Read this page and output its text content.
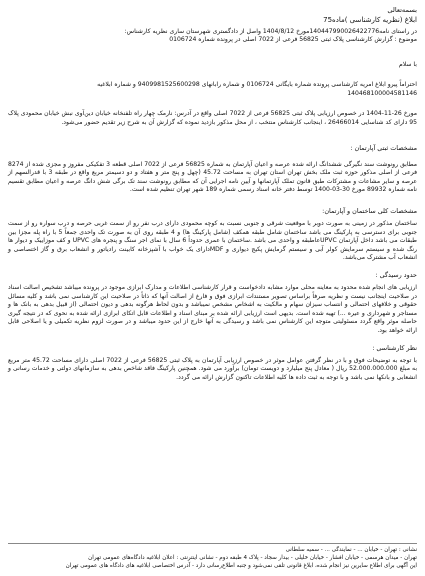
بسمه‌تعالی

ابلاغ (نظریه کارشناسی )ماده75

در راستای نامه140447990026422776مورخ 1404/8/12 واصل از دادگستری شهرستان ساری نظریه کارشناس:

موضوع : گزارش کارشناسی پلاک ثبتی 56825 فرعی از 7022 اصلی در پرونده شماره 0106724

با سلام

احتراماً پیرو ابلاغ امریه کارشناسی پرونده شماره بایگانی 0106724 و شماره رابانهای 9409981525600298 و شماره ابلاغیه

140468100004581146

مورخ 26-11-1404 در خصوص ارزیابی پلاک ثبتی 56825 فرعی از 7022 اصلی واقع در آدرس: نارمک چهار راه تلفنخانه خیابان دین‌آوی نبش خیابان محمودی پلاک 95 دارای کد شناسایی 26466014 ، اینجانب کارشناس منتخب ، از محل مذکور بازدید نموده که گزارش آن به شرح زیر تقدیم حضور می‌شود.

مشخصات ثبتی آپارتمان :

مطابق رونوشت سند نگیرگی ششدانگ ارائه شده عرصه و اعیان آپارتمان به شماره 56825 فرعی از 7022 اصلی قطعه 3 تفکیکی مفروز و مجزی شده از 8274 فرعی از اصلی مذکور حوزه ثبت ملک بخش تهران استان تهران به مساحت 45.72 (چهل و پنج متر و هفتاد و دو دسیمتر مربع واقع در طبقه 3 با قدرالسهم از عرصه و سایر مشاعات و مشترکات طبق قانون تملک آپارتمانها و آیین نامه اجرایی آن که مطابق رونوشت سند تک برگی شش دانگ عرصه و اعیان مطابق تقسیم نامه شماره 89932 مورخ 30-03-1400 توسط دفتر خانه اسناد رسمی شماره 189 شهر تهران تنظیم شده است.

مشخصات کلی ساختمان و آپارتمان:

ساختمان مذکور در زمینی به صورت دوبر با موقعیت شرقی و جنوبی نسبت به کوچه محمودی دارای درب نفر رو از سمت غربی حرصه و درب سواره رو از سمت جنوبی برای دسترسی به پارکینگ می باشد ساختمان شامل طبقه همکف (شامل پارکینگ ها) و 4 طبقه روی آن به صورت تک واحدی جمعاً 5 با راه پله مجزا بین طبقات می باشد داخل آپارتمان UPVCعاطبقه و واحدی می باشد .ساختمان با عمری حدوداً 6 سال با نمای اجر سنگ و پنجره های UPVC و کف موزاییک و دیوار ها رنگ شده و سیستم سرمایش کولر آبی و سیستم گرمایش پکیج دیواری و MDFدارای یک خواب با آشپزخانه کابینت رادیاتور و انشعاب برق و گاز اختصاصی و انشعاب آب مشترک می‌باشد.

حدود رسیدگی :

ارزیابی های انجام شده محدود به معاینه محلی موارد مشابه دادخواست و قرار کارشناسی اطلاعات و مدارک ابرازی موجود در پرونده میباشد تشخیص اصالت اسناد در صلاحیت اینجانب نیست و نظریه صرفاً براساس تصویر مستندات ابرازی فوق و فارغ از اصالت آنها که ذاتاً در صلاحیت این کارشناسی نمی باشد و کلیه مسائل حقوقی و خلافهای احتمالی و انتساب سیزان سهام و مالکیت به اشخاص مشخص نمیباشد و بدون لحاظ هرگونه بدهی و دیون احتمالی (از قبیل بدهی به بانک ها و مستاجر و شهرداری و عیره ...) تهیه شده است. بدیهی است ارزیابی ارائه شده بر مبنای اسناد و اطلاعات قابل اتکای ابرازی ارائه شده به نحوی که در نتیجه گیری حاصله موثر واقع گردد مسئولیتی متوجه این کارشناس نمی باشد و رسیدگی به آنها خارج از این حدود میباشد و در صورت لزوم نظریه تکمیلی و یا اصلاحی قابل ارائه خواهد بود.

نظر کارشناسی :

با توجه به توضیحات فوق و با در نظر گرفتن عوامل موثر در خصوص ارزیابی آپارتمان به پلاک ثبتی 56825 فرعی از 7022 اصلی دارای مساحت 45.72 متر مربع به مبلغ 52.000.000.000 ریال ( معادل پنج میلیارد و دویست تومان) برآورد می شود. همچنین پارکینگ فاقد شاخص بدهی به سازمانهای دولتی و خدمات رسانی و انشعابی و بانکها نمی باشد و با توجه به ثبت داده ها کلیه اطلاعات تاکنون گزارش ارائه می گردد.

نشانی : تهران - خیابان ... - نمایندگی ... - سمیه سلطانی

تهران - میدان هرسمی - خیابان افشار - خیابان خلیلی - بیدار سجاد - پلاک 4 طبقه دوم - نشانی اینترنتی : اعلان ابلاغیه دادگاه‌های عمومی تهران

این آگهی برای اطلاع سایرین نیز انجام شده، ابلاغ قانونی تلقی نمی‌شود و جنبه اطلاع‌رسانی دارد - آدرس اختصاصی ابلاغیه های دادگاه های عمومی تهران
